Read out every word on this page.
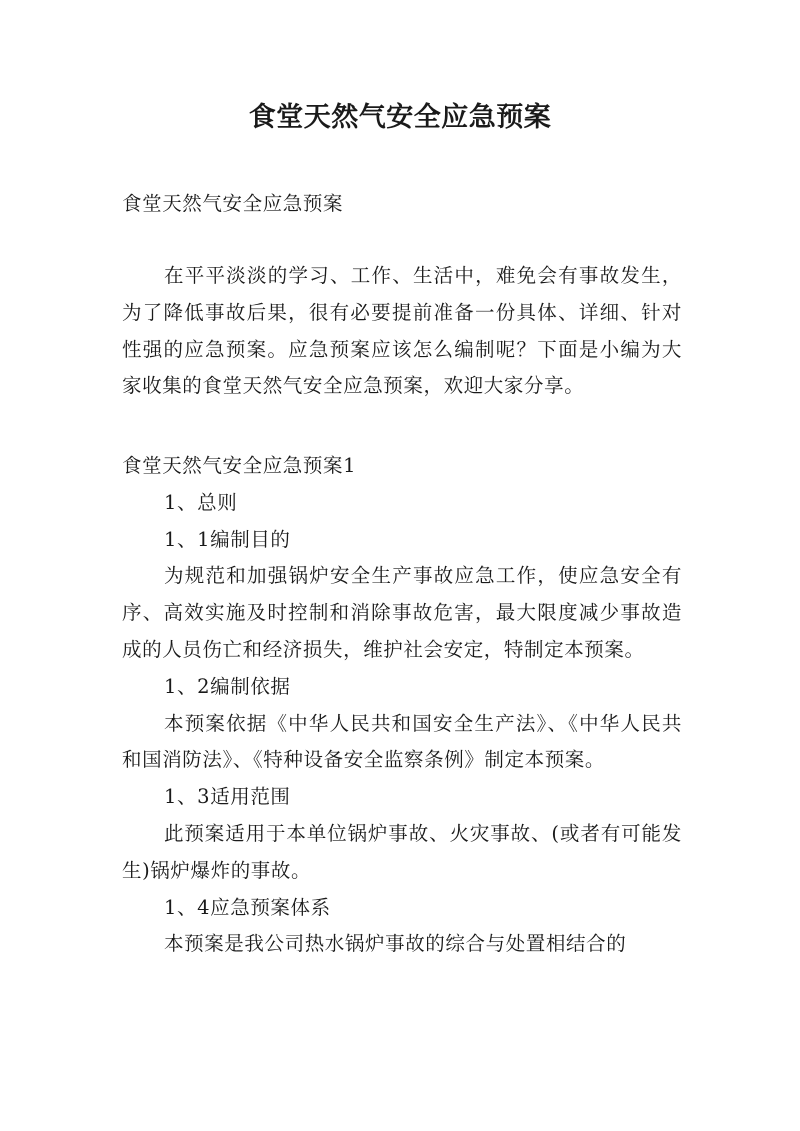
食堂天然气安全应急预案
食堂天然气安全应急预案
在平平淡淡的学习、工作、生活中，难免会有事故发生，为了降低事故后果，很有必要提前准备一份具体、详细、针对性强的应急预案。应急预案应该怎么编制呢？下面是小编为大家收集的食堂天然气安全应急预案，欢迎大家分享。

食堂天然气安全应急预案1

1、总则

1、1编制目的

为规范和加强锅炉安全生产事故应急工作，使应急安全有序、高效实施及时控制和消除事故危害，最大限度减少事故造成的人员伤亡和经济损失，维护社会安定，特制定本预案。

1、2编制依据

本预案依据《中华人民共和国安全生产法》、《中华人民共和国消防法》、《特种设备安全监察条例》制定本预案。

1、3适用范围

此预案适用于本单位锅炉事故、火灾事故、(或者有可能发生)锅炉爆炸的事故。

1、4应急预案体系

本预案是我公司热水锅炉事故的综合与处置相结合的
